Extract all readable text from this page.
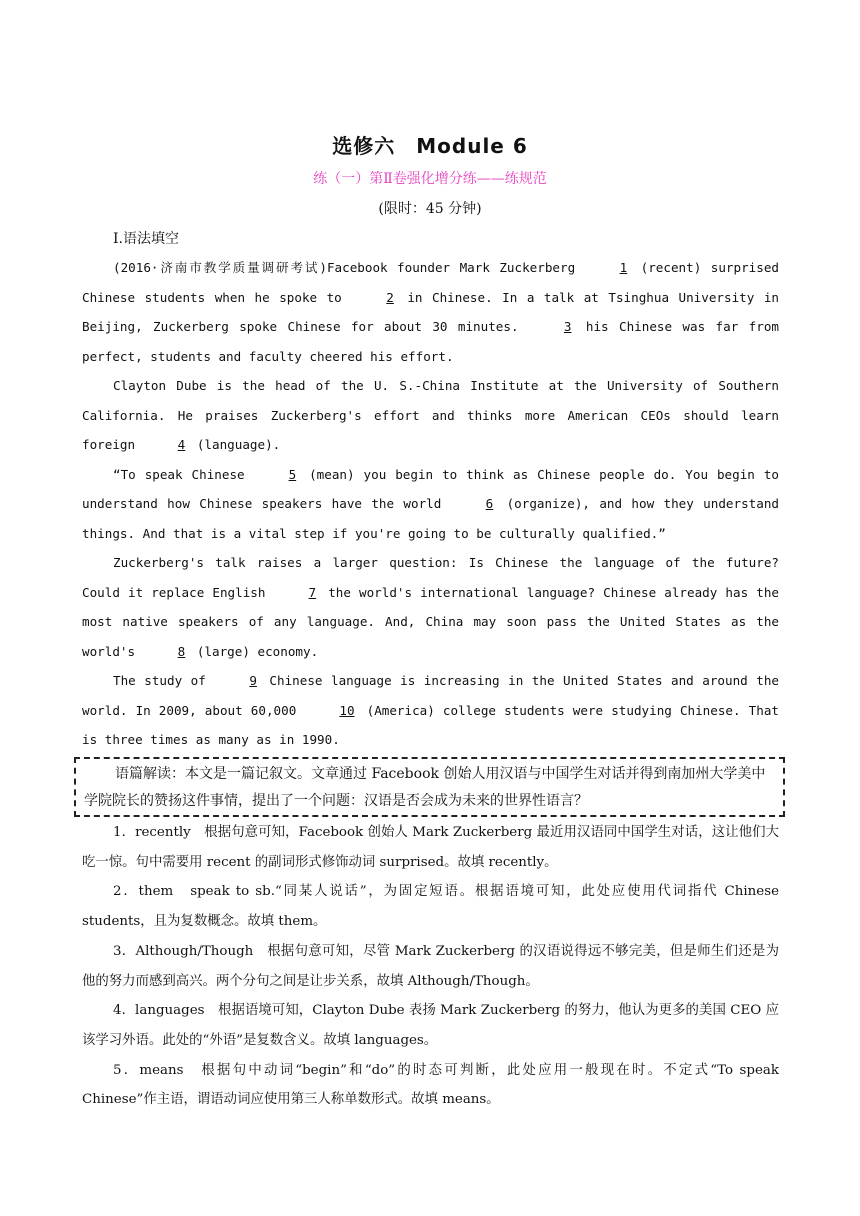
选修六　Module 6
练（一）第Ⅱ卷强化增分练——练规范
(限时：45 分钟)
Ⅰ.语法填空

(2016·济南市教学质量调研考试)Facebook founder Mark Zuckerberg	1 (recent) surprised Chinese students when he spoke to	2 in Chinese. In a talk at Tsinghua University in Beijing, Zuckerberg spoke Chinese for about 30 minutes.	3 his Chinese was far from perfect, students and faculty cheered his effort.

Clayton Dube is the head of the U. S.-China Institute at the University of Southern California. He praises Zuckerberg's effort and thinks more American CEOs should learn foreign	4 (language).

“To speak Chinese	5 (mean) you begin to think as Chinese people do. You begin to understand how Chinese speakers have the world	6 (organize), and how they understand things. And that is a vital step if you're going to be culturally qualified.”

Zuckerberg's talk raises a larger question: Is Chinese the language of the future? Could it replace English	7 the world's international language? Chinese already has the most native speakers of any language. And, China may soon pass the United States as the world's	8 (large) economy.

The study of	9 Chinese language is increasing in the United States and around the world. In 2009, about 60,000	10 (America) college students were studying Chinese. That is three times as many as in 1990.

语篇解读：本文是一篇记叙文。文章通过 Facebook 创始人用汉语与中国学生对话并得到南加州大学美中学院院长的赞扬这件事情，提出了一个问题：汉语是否会成为未来的世界性语言？

1．recently　根据句意可知，Facebook 创始人 Mark Zuckerberg 最近用汉语同中国学生对话，这让他们大吃一惊。句中需要用 recent 的副词形式修饰动词 surprised。故填 recently。

2．them　speak to sb.“同某人说话”，为固定短语。根据语境可知，此处应使用代词指代 Chinese students，且为复数概念。故填 them。

3．Although/Though　根据句意可知，尽管 Mark Zuckerberg 的汉语说得远不够完美，但是师生们还是为他的努力而感到高兴。两个分句之间是让步关系，故填 Although/Though。

4．languages　根据语境可知，Clayton Dube 表扬 Mark Zuckerberg 的努力，他认为更多的美国 CEO 应该学习外语。此处的“外语”是复数含义。故填 languages。

5．means　根据句中动词“begin”和“do”的时态可判断，此处应用一般现在时。不定式“To speak Chinese”作主语，谓语动词应使用第三人称单数形式。故填 means。
